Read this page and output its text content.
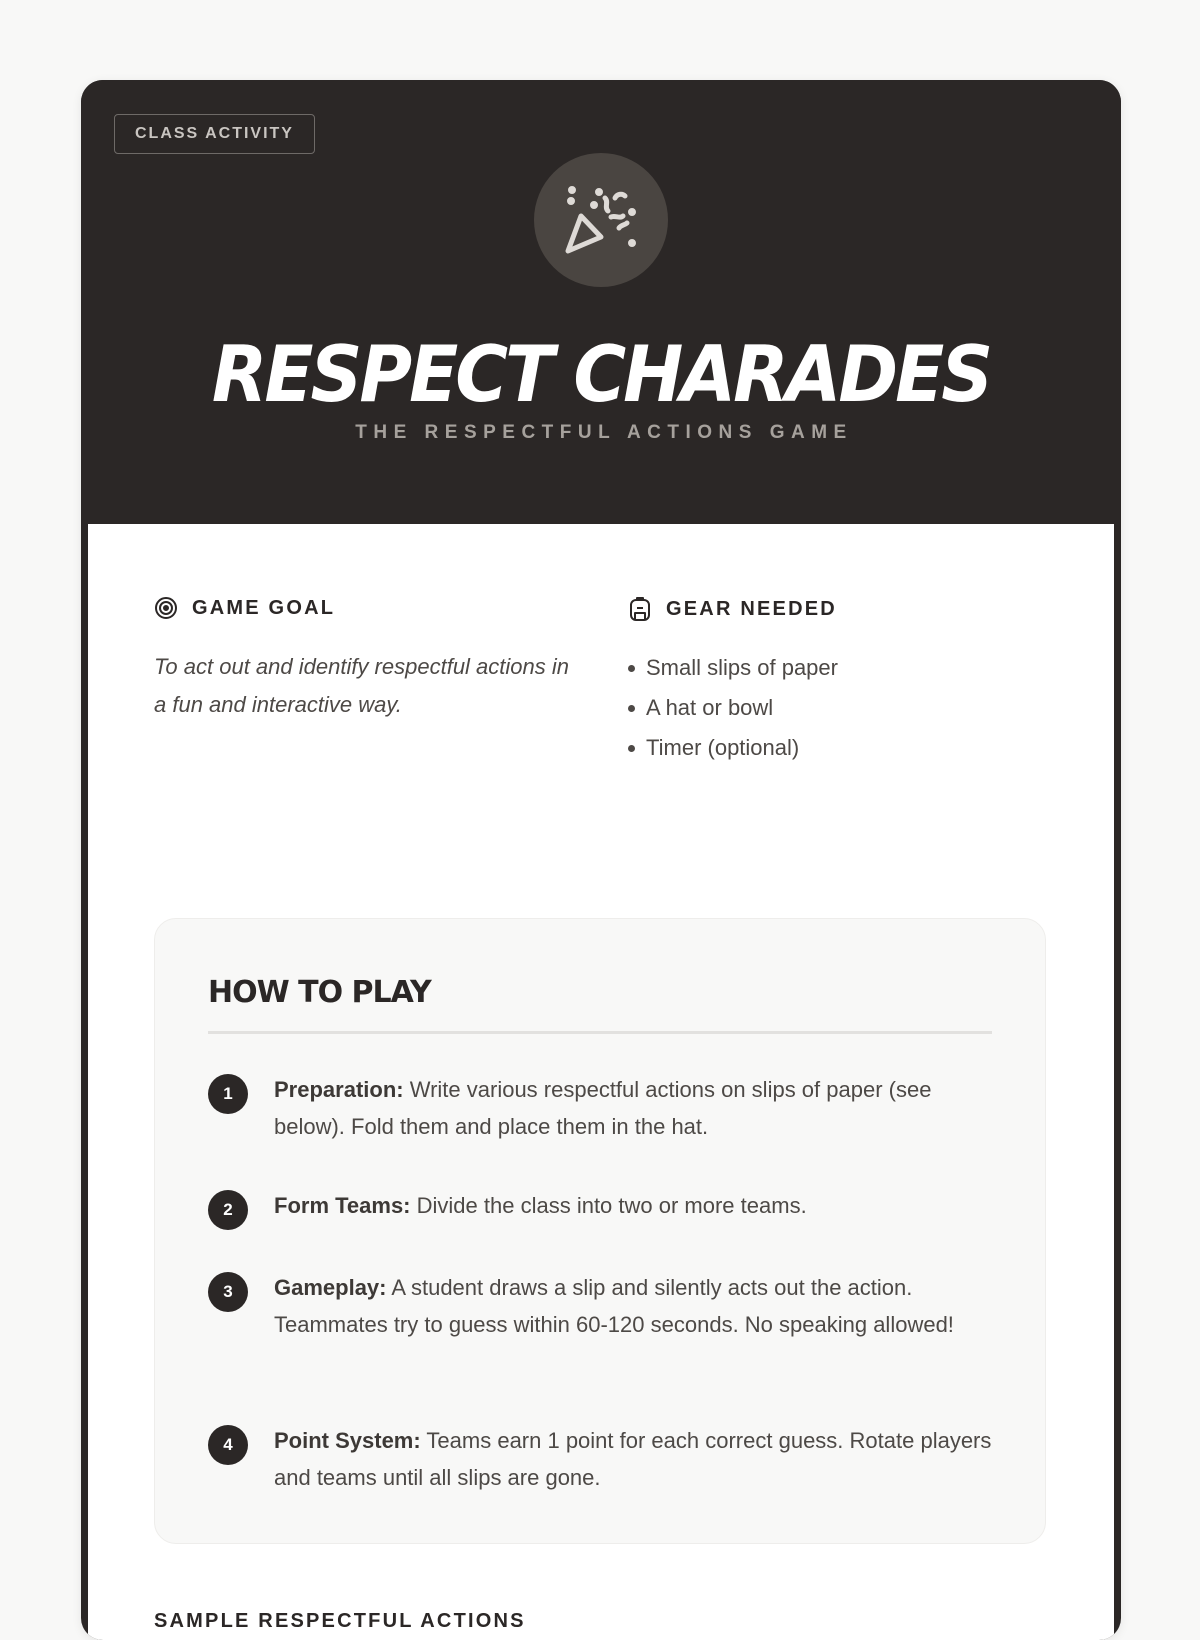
CLASS ACTIVITY
RESPECT CHARADES
THE RESPECTFUL ACTIONS GAME
GAME GOAL
To act out and identify respectful actions in a fun and interactive way.
GEAR NEEDED
Small slips of paper
A hat or bowl
Timer (optional)
HOW TO PLAY
1	Preparation: Write various respectful actions on slips of paper (see below). Fold them and place them in the hat.
2	Form Teams: Divide the class into two or more teams.
3	Gameplay: A student draws a slip and silently acts out the action. Teammates try to guess within 60-120 seconds. No speaking allowed!
4	Point System: Teams earn 1 point for each correct guess. Rotate players and teams until all slips are gone.
SAMPLE RESPECTFUL ACTIONS
